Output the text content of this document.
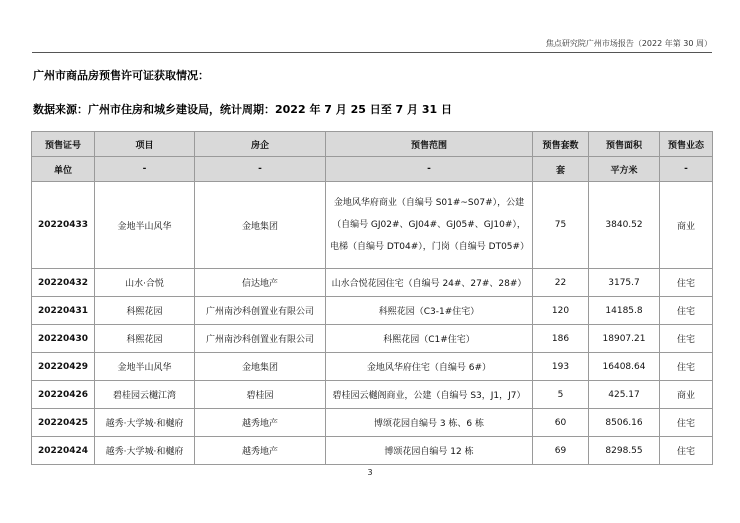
焦点研究院广州市场报告（2022 年第 30 周）
广州市商品房预售许可证获取情况：
数据来源：广州市住房和城乡建设局，统计周期：2022 年 7 月 25 日至 7 月 31 日
预售证号	项目	房企	预售范围	预售套数	预售面积	预售业态
单位	-	-	-	套	平方米	-
20220433	金地半山风华	金地集团	金地风华府商业（自编号 S01#~S07#），公建（自编号 GJ02#、GJ04#、GJ05#、GJ10#），电梯（自编号 DT04#），门岗（自编号 DT05#）	75	3840.52	商业
20220432	山水·合悦	信达地产	山水合悦花园住宅（自编号 24#、27#、28#）	22	3175.7	住宅
20220431	科熙花园	广州南沙科创置业有限公司	科熙花园（C3-1#住宅）	120	14185.8	住宅
20220430	科熙花园	广州南沙科创置业有限公司	科熙花园（C1#住宅）	186	18907.21	住宅
20220429	金地半山风华	金地集团	金地风华府住宅（自编号 6#）	193	16408.64	住宅
20220426	碧桂园云樾江湾	碧桂园	碧桂园云樾阁商业，公建（自编号 S3，J1，J7）	5	425.17	商业
20220425	越秀·大学城·和樾府	越秀地产	博颂花园自编号 3 栋、6 栋	60	8506.16	住宅
20220424	越秀·大学城·和樾府	越秀地产	博颂花园自编号 12 栋	69	8298.55	住宅
3
